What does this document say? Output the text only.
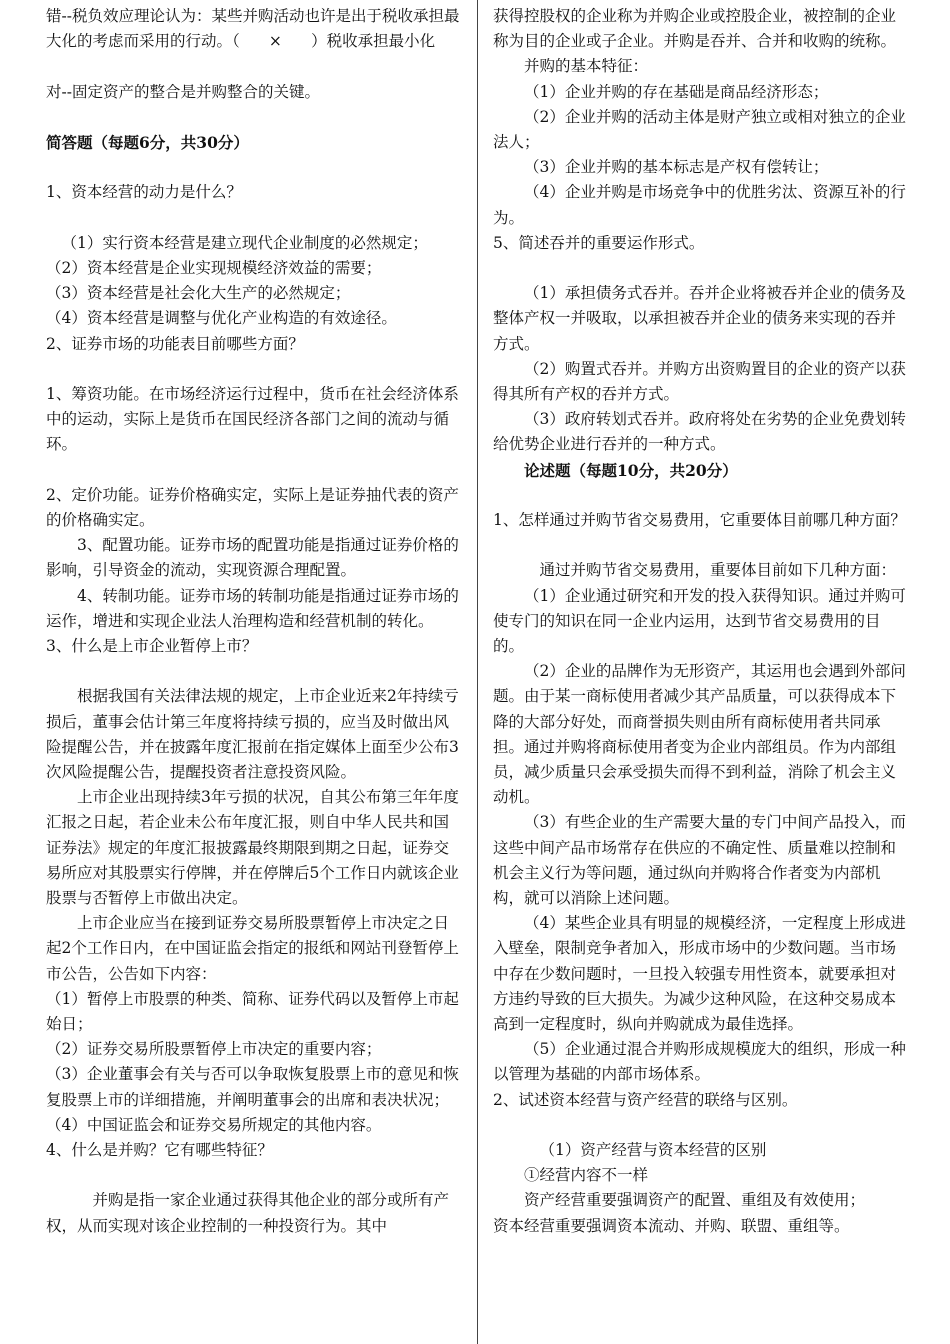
错--税负效应理论认为：某些并购活动也许是出于税收承担最大化的考虑而采用的行动。（ × ）税收承担最小化

对--固定资产的整合是并购整合的关键。

简答题（每题6分，共30分）

1、资本经营的动力是什么？

（1）实行资本经营是建立现代企业制度的必然规定；

（2）资本经营是企业实现规模经济效益的需要；

（3）资本经营是社会化大生产的必然规定；

（4）资本经营是调整与优化产业构造的有效途径。

2、证券市场的功能表目前哪些方面？

1、筹资功能。在市场经济运行过程中，货币在社会经济体系中的运动，实际上是货币在国民经济各部门之间的流动与循环。

2、定价功能。证券价格确实定，实际上是证券抽代表的资产的价格确实定。

3、配置功能。证券市场的配置功能是指通过证券价格的影响，引导资金的流动，实现资源合理配置。

4、转制功能。证券市场的转制功能是指通过证券市场的运作，增进和实现企业法人治理构造和经营机制的转化。

3、什么是上市企业暂停上市？

根据我国有关法律法规的规定，上市企业近来2年持续亏损后，董事会估计第三年度将持续亏损的，应当及时做出风险提醒公告，并在披露年度汇报前在指定媒体上面至少公布3次风险提醒公告，提醒投资者注意投资风险。

上市企业出现持续3年亏损的状况，自其公布第三年年度汇报之日起，若企业未公布年度汇报，则自中华人民共和国证券法》规定的年度汇报披露最终期限到期之日起，证券交易所应对其股票实行停牌，并在停牌后5个工作日内就该企业股票与否暂停上市做出决定。

上市企业应当在接到证券交易所股票暂停上市决定之日起2个工作日内，在中国证监会指定的报纸和网站刊登暂停上市公告，公告如下内容：

（1）暂停上市股票的种类、简称、证券代码以及暂停上市起始日；

（2）证券交易所股票暂停上市决定的重要内容；

（3）企业董事会有关与否可以争取恢复股票上市的意见和恢复股票上市的详细措施，并阐明董事会的出席和表决状况；

（4）中国证监会和证券交易所规定的其他内容。

4、什么是并购？它有哪些特征？

并购是指一家企业通过获得其他企业的部分或所有产权，从而实现对该企业控制的一种投资行为。其中

获得控股权的企业称为并购企业或控股企业，被控制的企业称为目的企业或子企业。并购是吞并、合并和收购的统称。

并购的基本特征：

（1）企业并购的存在基础是商品经济形态；

（2）企业并购的活动主体是财产独立或相对独立的企业法人；

（3）企业并购的基本标志是产权有偿转让；

（4）企业并购是市场竞争中的优胜劣汰、资源互补的行为。

5、简述吞并的重要运作形式。

（1）承担债务式吞并。吞并企业将被吞并企业的债务及整体产权一并吸取，以承担被吞并企业的债务来实现的吞并方式。

（2）购置式吞并。并购方出资购置目的企业的资产以获得其所有产权的吞并方式。

（3）政府转划式吞并。政府将处在劣势的企业免费划转给优势企业进行吞并的一种方式。

论述题（每题10分，共20分）

1、怎样通过并购节省交易费用，它重要体目前哪几种方面？

通过并购节省交易费用，重要体目前如下几种方面：

（1）企业通过研究和开发的投入获得知识。通过并购可使专门的知识在同一企业内运用，达到节省交易费用的目的。

（2）企业的品牌作为无形资产，其运用也会遇到外部问题。由于某一商标使用者减少其产品质量，可以获得成本下降的大部分好处，而商誉损失则由所有商标使用者共同承担。通过并购将商标使用者变为企业内部组员。作为内部组员，减少质量只会承受损失而得不到利益，消除了机会主义动机。

（3）有些企业的生产需要大量的专门中间产品投入，而这些中间产品市场常存在供应的不确定性、质量难以控制和机会主义行为等问题，通过纵向并购将合作者变为内部机构，就可以消除上述问题。

（4）某些企业具有明显的规模经济，一定程度上形成进入壁垒，限制竞争者加入，形成市场中的少数问题。当市场中存在少数问题时，一旦投入较强专用性资本，就要承担对方违约导致的巨大损失。为减少这种风险，在这种交易成本高到一定程度时，纵向并购就成为最佳选择。

（5）企业通过混合并购形成规模庞大的组织，形成一种以管理为基础的内部市场体系。

2、试述资本经营与资产经营的联络与区别。

（1）资产经营与资本经营的区别

①经营内容不一样

资产经营重要强调资产的配置、重组及有效使用；

资本经营重要强调资本流动、并购、联盟、重组等。
